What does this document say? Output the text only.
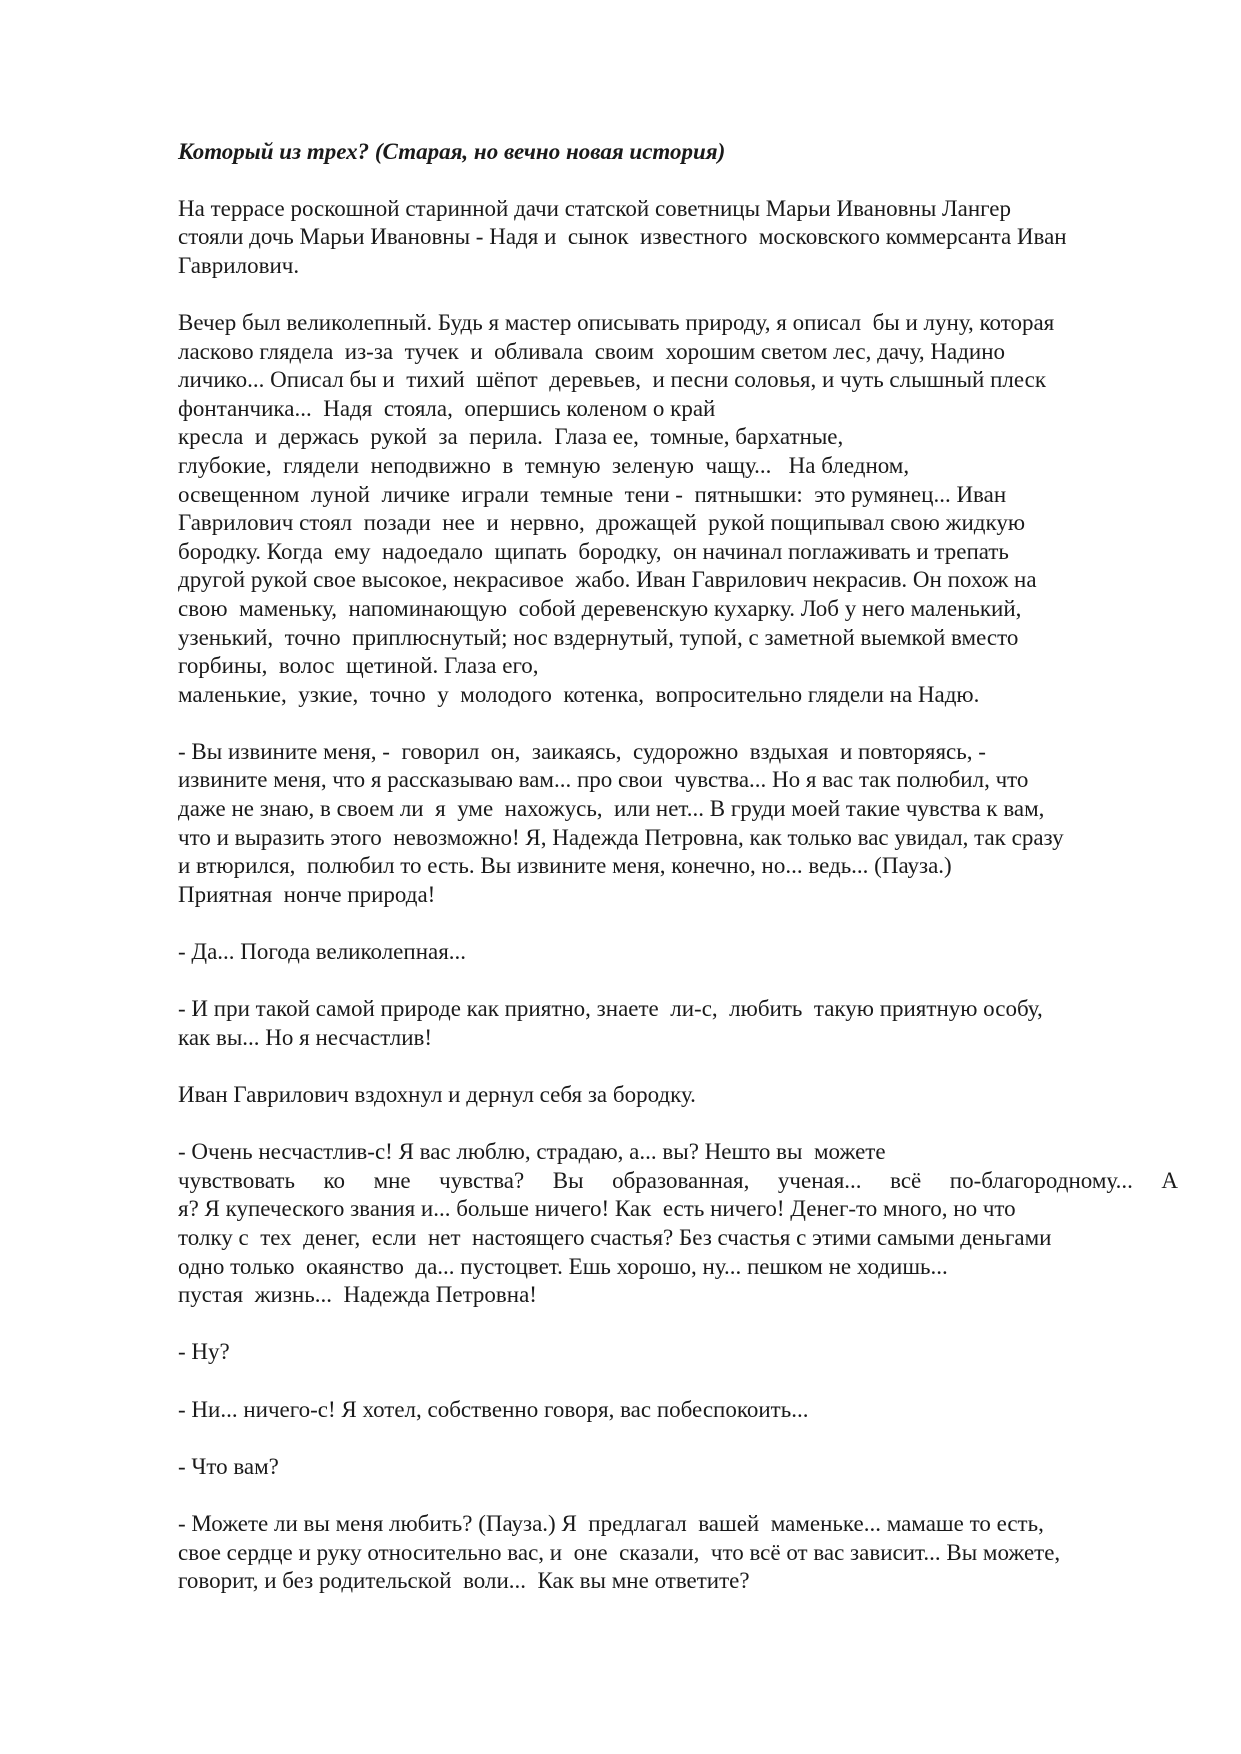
Который из трех? (Старая, но вечно новая история)
На террасе роскошной старинной дачи статской советницы Марьи Ивановны Лангер
стояли дочь Марьи Ивановны - Надя и  сынок  известного  московского коммерсанта Иван
Гаврилович.
Вечер был великолепный. Будь я мастер описывать природу, я описал  бы и луну, которая
ласково глядела  из-за  тучек  и  обливала  своим  хорошим светом лес, дачу, Надино
личико... Описал бы и  тихий  шёпот  деревьев,  и песни соловья, и чуть слышный плеск
фонтанчика...  Надя  стояла,  опершись коленом о край
кресла  и  держась  рукой  за  перила.  Глаза ее,  томные, бархатные,
глубокие,  глядели  неподвижно  в  темную  зеленую  чащу...   На бледном,
освещенном  луной  личике  играли  темные  тени -  пятнышки:  это румянец... Иван
Гаврилович стоял  позади  нее  и  нервно,  дрожащей  рукой пощипывал свою жидкую
бородку. Когда  ему  надоедало  щипать  бородку,  он начинал поглаживать и трепать
другой рукой свое высокое, некрасивое  жабо. Иван Гаврилович некрасив. Он похож на
свою  маменьку,  напоминающую  собой деревенскую кухарку. Лоб у него маленький,
узенький,  точно  приплюснутый; нос вздернутый, тупой, с заметной выемкой вместо
горбины,  волос  щетиной. Глаза его,
маленькие,  узкие,  точно  у  молодого  котенка,  вопросительно глядели на Надю.
- Вы извините меня, -  говорил  он,  заикаясь,  судорожно  вздыхая  и повторяясь, -
извините меня, что я рассказываю вам... про свои  чувства... Но я вас так полюбил, что
даже не знаю, в своем ли  я  уме  нахожусь,  или нет... В груди моей такие чувства к вам,
что и выразить этого  невозможно! Я, Надежда Петровна, как только вас увидал, так сразу
и втюрился,  полюбил то есть. Вы извините меня, конечно, но... ведь... (Пауза.)
Приятная  нонче природа!
- Да... Погода великолепная...
- И при такой самой природе как приятно, знаете  ли-с,  любить  такую приятную особу,
как вы... Но я несчастлив!
Иван Гаврилович вздохнул и дернул себя за бородку.
- Очень несчастлив-с! Я вас люблю, страдаю, а... вы? Нешто вы  можете
чувствовать ко мне чувства? Вы образованная, ученая... всё по-благородному... А
я? Я купеческого звания и... больше ничего! Как  есть ничего! Денег-то много, но что
толку с  тех  денег,  если  нет  настоящего счастья? Без счастья с этими самыми деньгами
одно только  окаянство  да... пустоцвет. Ешь хорошо, ну... пешком не ходишь...
пустая  жизнь...  Надежда Петровна!
- Ну?
- Ни... ничего-с! Я хотел, собственно говоря, вас побеспокоить...
- Что вам?
- Можете ли вы меня любить? (Пауза.) Я  предлагал  вашей  маменьке... мамаше то есть,
свое сердце и руку относительно вас, и  оне  сказали,  что всё от вас зависит... Вы можете,
говорит, и без родительской  воли...  Как вы мне ответите?
